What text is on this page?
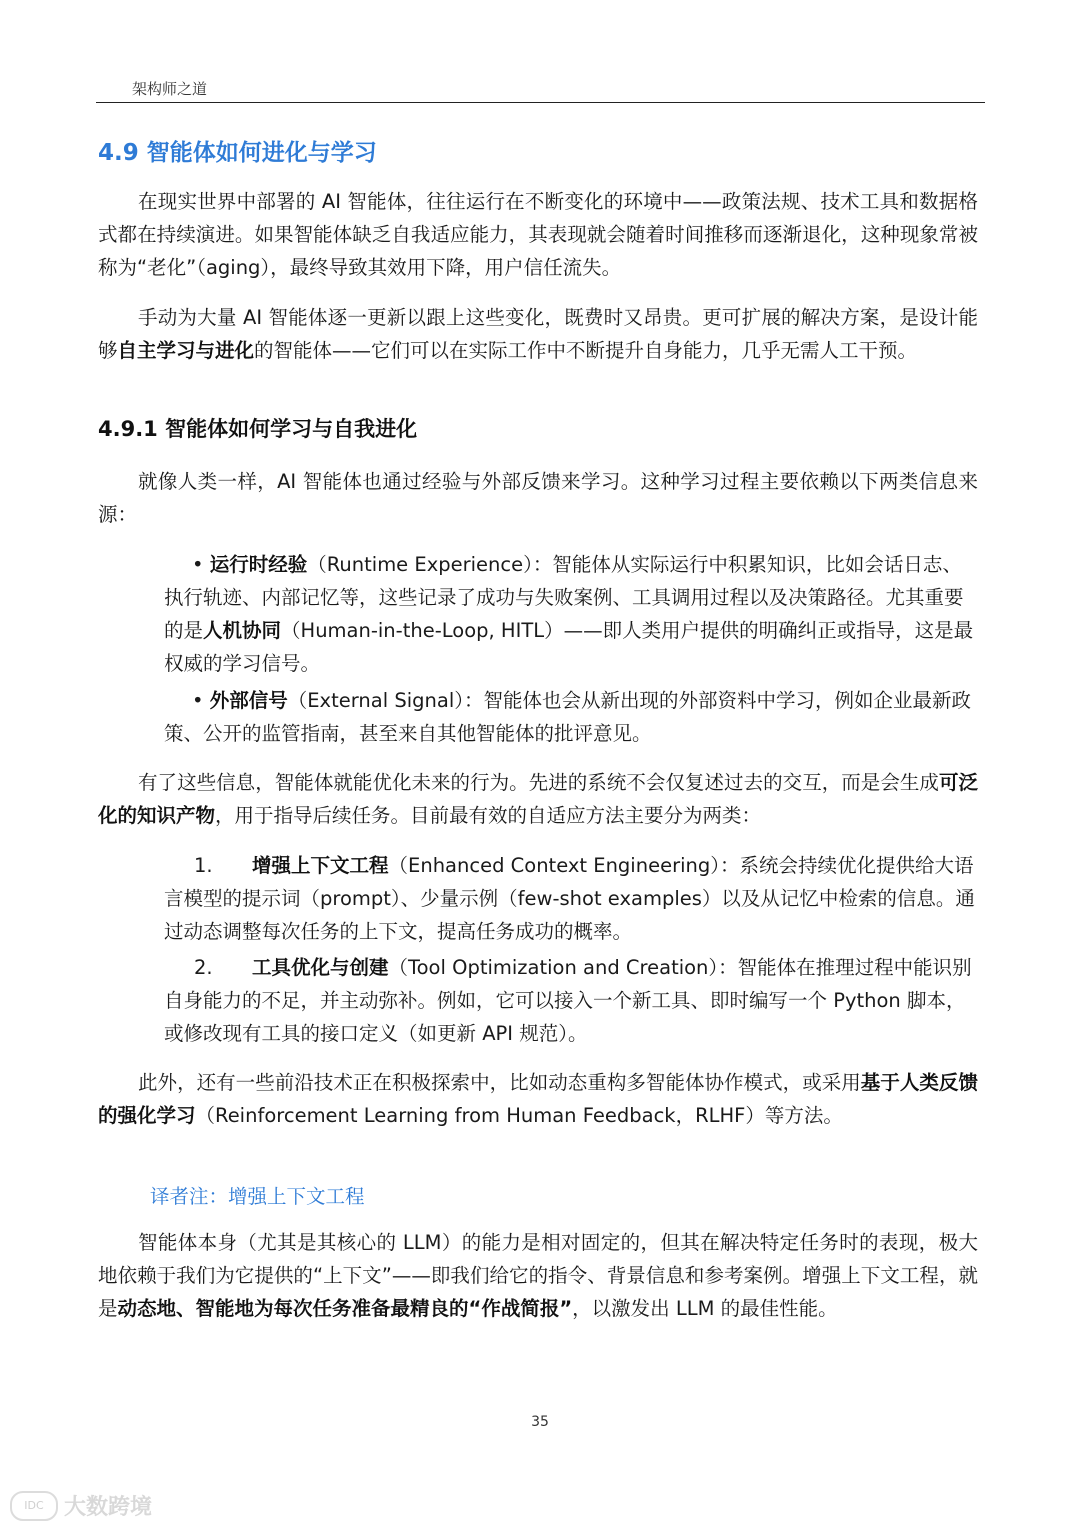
架构师之道
4.9 智能体如何进化与学习

在现实世界中部署的 AI 智能体，往往运行在不断变化的环境中——政策法规、技术工具和数据格式都在持续演进。如果智能体缺乏自我适应能力，其表现就会随着时间推移而逐渐退化，这种现象常被称为“老化”（aging），最终导致其效用下降，用户信任流失。

手动为大量 AI 智能体逐一更新以跟上这些变化，既费时又昂贵。更可扩展的解决方案，是设计能够自主学习与进化的智能体——它们可以在实际工作中不断提升自身能力，几乎无需人工干预。

4.9.1 智能体如何学习与自我进化

就像人类一样，AI 智能体也通过经验与外部反馈来学习。这种学习过程主要依赖以下两类信息来源：

• 运行时经验（Runtime Experience）：智能体从实际运行中积累知识，比如会话日志、执行轨迹、内部记忆等，这些记录了成功与失败案例、工具调用过程以及决策路径。尤其重要的是人机协同（Human-in-the-Loop, HITL）——即人类用户提供的明确纠正或指导，这是最权威的学习信号。

• 外部信号（External Signal）：智能体也会从新出现的外部资料中学习，例如企业最新政策、公开的监管指南，甚至来自其他智能体的批评意见。

有了这些信息，智能体就能优化未来的行为。先进的系统不会仅复述过去的交互，而是会生成可泛化的知识产物，用于指导后续任务。目前最有效的自适应方法主要分为两类：

1. 增强上下文工程（Enhanced Context Engineering）：系统会持续优化提供给大语言模型的提示词（prompt）、少量示例（few-shot examples）以及从记忆中检索的信息。通过动态调整每次任务的上下文，提高任务成功的概率。

2. 工具优化与创建（Tool Optimization and Creation）：智能体在推理过程中能识别自身能力的不足，并主动弥补。例如，它可以接入一个新工具、即时编写一个 Python 脚本，或修改现有工具的接口定义（如更新 API 规范）。

此外，还有一些前沿技术正在积极探索中，比如动态重构多智能体协作模式，或采用基于人类反馈的强化学习（Reinforcement Learning from Human Feedback，RLHF）等方法。

译者注：增强上下文工程

智能体本身（尤其是其核心的 LLM）的能力是相对固定的，但其在解决特定任务时的表现，极大地依赖于我们为它提供的“上下文”——即我们给它的指令、背景信息和参考案例。增强上下文工程，就是动态地、智能地为每次任务准备最精良的“作战简报”，以激发出 LLM 的最佳性能。

35
IDC 大数跨境
